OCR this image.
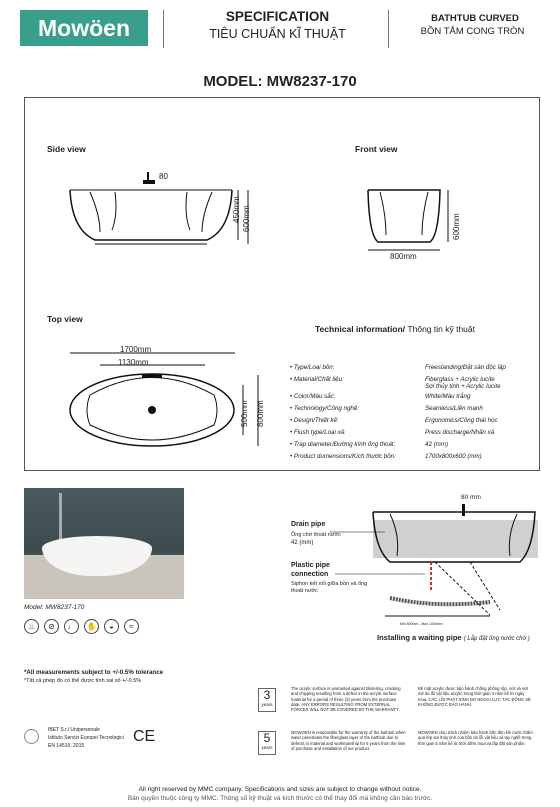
Mowöen	SPECIFICATION
TIÊU CHUẨN KĨ THUẬT
BATHTUB CURVED
BỒN TẮM CONG TRÒN
MODEL: MW8237-170
Side view	Front view
Top view
80
450mm 600mm	600mm
800mm
1700mm
1130mm
500mm 800mm
Technical information/ Thông tin kỹ thuật
• Type/Loại bồn:	Freestanding/Đặt sàn độc lập
• Material/Chất liệu:	Fiberglass + Acrylic lucite
Sợi thủy tinh + Acrylic lucite
• Color/Màu sắc:	White/Màu trắng
• Technology/Công nghệ:	Seamless/Liền mạnh
• Design/Thiết kế:	Ergonomics/Công thái học
• Flush type/Loại xả:	Press discharge/Nhấn xả
• Trap diameter/Đường kính ống thoát:	42 (mm)
• Product dumensions/Kích thước bồn:	1700x800x600 (mm)
Model: MW8237-170
♨ ⊘ ♩ ✋ ◒ ≈
80 mm
Drain pipe
Ống chờ thoát nước
42 (mm)
Plastic pipe
connection
Siphon kết nối giữa bồn và ống thoát nước
Min 500mm - Max 1000mm
Installing a waiting pipe ( Lắp đặt ống nước chờ )
*All measurements subject to +/-0.5% tolerance
*Tất cả phép đo có thể được tính sai số +/-0.5%
IBET S.r.l Unipersonale
Istituto Servizi Europei Tecnologici
EN 14516: 2015
CE
3
years
The acrylic surface is warranted against blistering, cracking and chipping resulting from a defect in the acrylic surface material for a period of three (3) years from the purchase date. ANY ERRORS RESULTING FROM EXTERNAL FORCES WILL NOT BE COVERED BY THE WARRANTY.
Bề mặt acrylic được bảo hành chống phồng rộp, nứt và sứt mẻ do lỗi vật liệu acrylic trong thời gian 3 năm kể từ ngày mua. CÁC LỖI PHÁT SINH DO NGOẠI LỰC TÁC ĐỘNG SẼ KHÔNG ĐƯỢC BẢO HÀNH.
5
years
MOWOEN is responsible for the warranty of the bathtub when water penetrates the fiberglass layer of the bathtub due to defects in material and workmanship for 5 years from the time of purchase and installation of our product.
MOWOEN chịu trách nhiệm bảo hành bồn tắm khi nước thấm qua lớp sợi thủy tinh của bồn do lỗi vật liệu và tay nghề trong thời gian 5 năm kể từ thời điểm mua và lắp đặt sản phẩm.
All right reserved by MMC company. Specifications and sizes are subject to change without notice.
Bản quyền thuộc công ty MMC. Thông số kỹ thuật và kích thước có thể thay đổi mà không cần báo trước.
